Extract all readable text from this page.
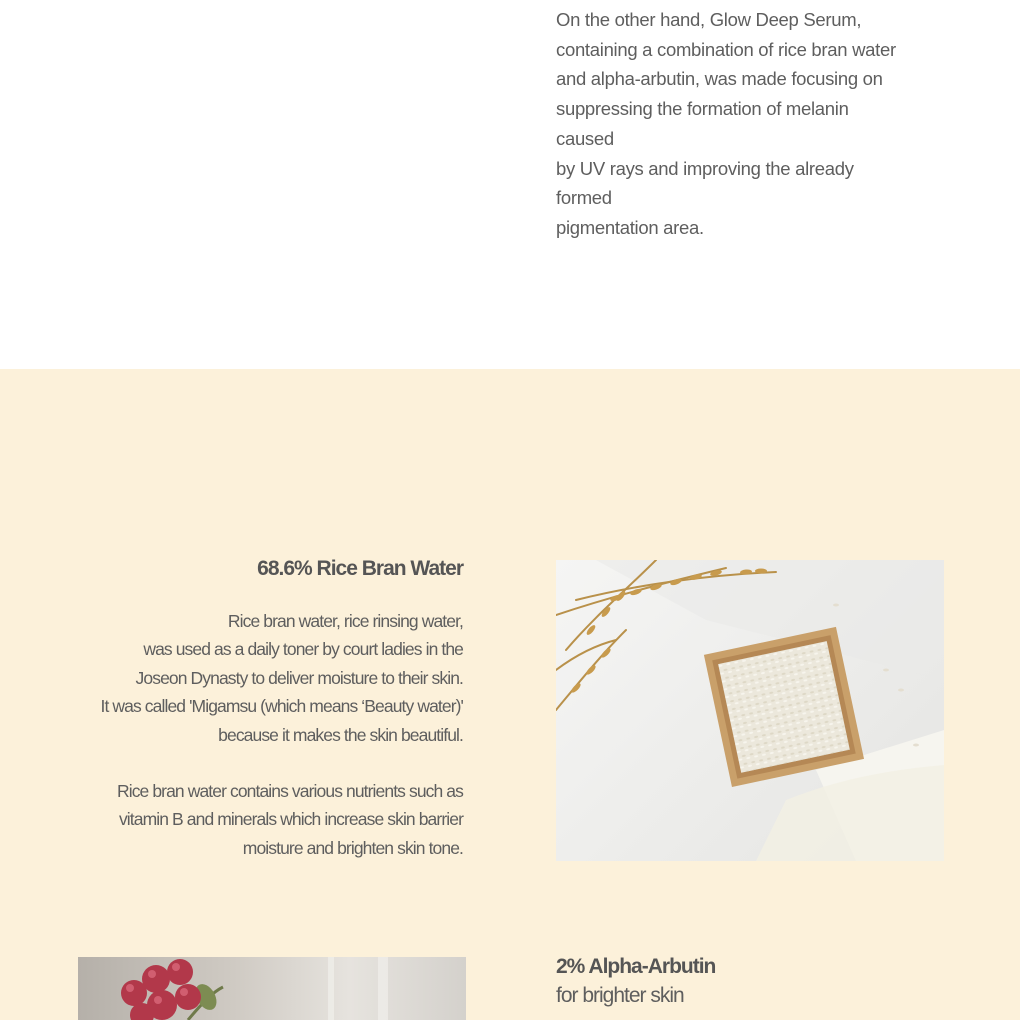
On the other hand, Glow Deep Serum,
containing a combination of rice bran water
and alpha-arbutin, was made focusing on
suppressing the formation of melanin caused
by UV rays and improving the already formed
pigmentation area.

68.6% Rice Bran Water

Rice bran water, rice rinsing water,
was used as a daily toner by court ladies in the
Joseon Dynasty to deliver moisture to their skin.
It was called 'Migamsu (which means ‘Beauty water)'
because it makes the skin beautiful.

Rice bran water contains various nutrients such as
vitamin B and minerals which increase skin barrier
moisture and brighten skin tone.

2% Alpha-Arbutin

for brighter skin
